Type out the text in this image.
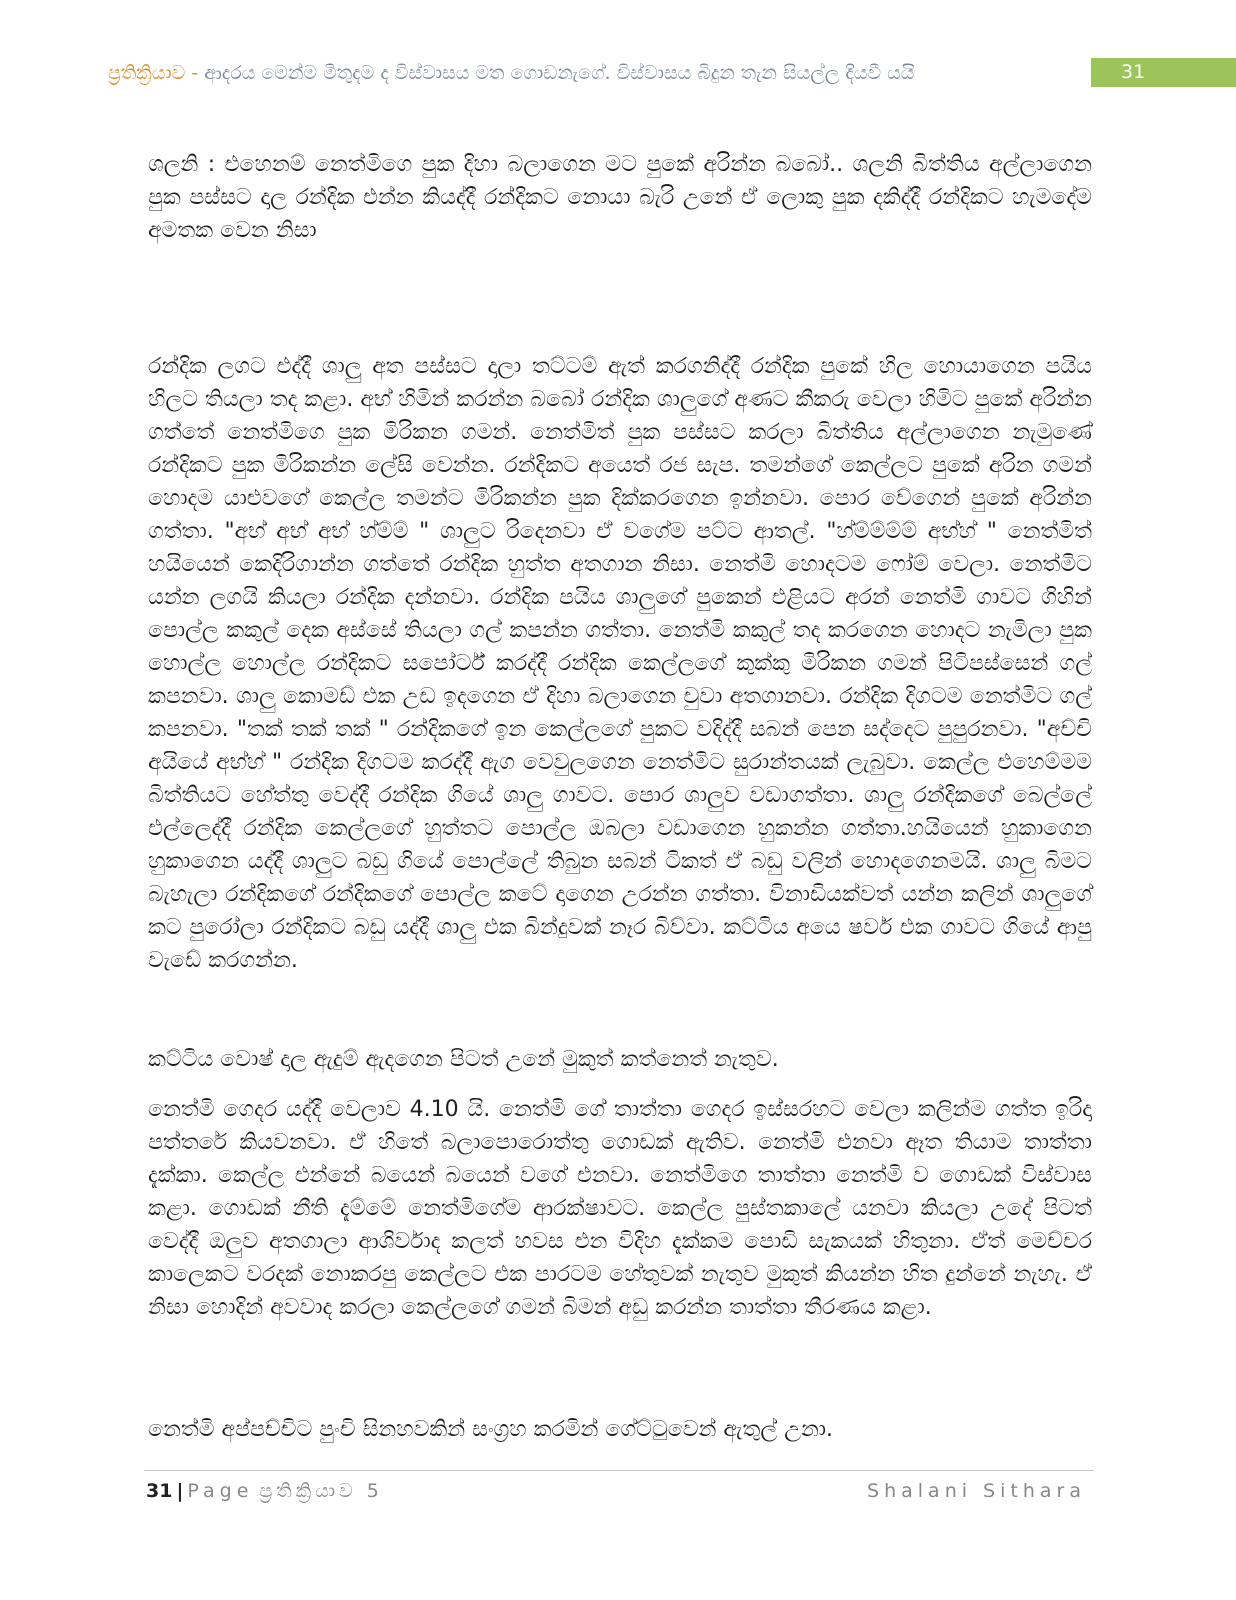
ප්‍රතික්‍රියාව - ආදරය මෙන්ම මිතුදම ද විස්වාසය මත ගොඩනැගේ. විස්වාසය බිදුන තැන සියල්ල දියවී යයි	31

ශලනි : එහෙනම් නෙත්මිගෙ පුක දිහා බලාගෙන මට පුකේ අරින්න බබෝ.. ශලනි බිත්තිය අල්ලාගෙන පුක පස්සට දාල රන්දික එන්න කියද්දී රන්දිකට නොයා බැරි උනේ ඒ ලොකු පුක දකිද්දී රන්දිකට හැමදේම අමතක වෙන නිසා

රන්දික ලගට එද්දී ශාලු අත පස්සට දාලා තට්ටම් ඇත් කරගනිද්දී රන්දික පුකේ හිල හොයාගෙන පයිය හිලට තියලා තද කළා. අභ් හිමින් කරන්න බබෝ රන්දික ශාලුගේ අණට කීකරු වෙලා හිමිට පුකේ අරින්න ගත්තේ නෙත්මිගෙ පුක මිරිකන ගමන්. නෙත්මිත් පුක පස්සට කරලා බිත්තිය අල්ලාගෙන නැමුණේ රන්දිකට පුක මිරිකන්න ලේසි වෙන්න. රන්දිකට අයෙත් රජ සැප. තමන්ගේ කෙල්ලට පුකේ අරින ගමන් හොදම යාළුවගේ කෙල්ල තමන්ට මිරිකන්න පුක දික්කරගෙන ඉන්නවා. පොර වේගෙන් පුකේ අරින්න ගත්තා. "අභ් අභ් අභ් හ්ම්ම් " ශාලුට රිදෙනවා ඒ වගේම පට්ට ආතල්. "හ්ම්ම්ම්ම් අභ්හ් " නෙත්මිත් හයියෙන් කෙදිරිගාන්න ගත්තේ රන්දික හුත්ත අතගාන නිසා. නෙත්මි හොදටම ෆෝම් වෙලා. නෙත්මිට යන්න ලගයි කියලා රන්දික දන්නවා. රන්දික පයිය ශාලුගේ පුකෙන් එළියට අරන් නෙත්මි ගාවට ගිහින් පොල්ල කකුල් දෙක අස්සේ තියලා ගල් කපන්න ගත්තා. නෙත්මි කකුල් තද කරගෙන හොදට නැමිලා පුක හොල්ල හොල්ල රන්දිකට සපෝර්ට් කරද්දී රන්දික කෙල්ලගේ කුක්කු මිරිකන ගමන් පිටිපස්සෙන් ගල් කපනවා. ශාලු කොමඩ් එක උඩ ඉදගෙන ඒ දිහා බලාගෙන චුවා අතගානවා. රන්දික දිගටම නෙත්මිට ගල් කපනවා. "තක් තක් තක් " රන්දිකගේ ඉන කෙල්ලගේ පුකට වදිද්දී සබන් පෙන සද්දෙට පුපුරනවා. "අච්චි අයියේ අභ්හ් " රන්දික දිගටම කරද්දී ඇග වෙවුලගෙන නෙත්මිට සුරාන්තයක් ලැබුවා. කෙල්ල එහෙම්මම බිත්තියට හේත්තු වෙද්දී රන්දික ගියේ ශාලු ගාවට. පොර ශාලුව වඩාගත්තා. ශාලු රන්දිකගේ බෙල්ලේ එල්ලෙද්දී රන්දික කෙල්ලගේ හුත්තට පොල්ල ඔබලා වඩාගෙන හුකන්න ගත්තා.හයියෙන් හුකාගෙන හුකාගෙන යද්දී ශාලුට බඩු ගියේ පොල්ලේ තිබුන සබන් ටිකත් ඒ බඩු වලින් හොදගෙනමයි. ශාලු බිමට බැහැලා රන්දිකගේ රන්දිකගේ පොල්ල කටේ දාගෙන උරන්න ගත්තා. විනාඩියක්වත් යන්න කලින් ශාලුගේ කට පුරෝලා රන්දිකට බඩු යද්දී ශාලු එක බින්දුවක් නෑර බිව්වා. කට්ටිය අයෙ ෂවර් එක ගාවට ගියේ ආපු වැඩේ කරගන්න.

කට්ටිය වොෂ් දාල ඇදුම් ඇදගෙන පිටත් උනේ මුකුත් කත්නෙත් නැතුව.

නෙත්මි ගෙදර යද්දී වෙලාව 4.10 යි. නෙත්මි ගේ තාත්තා ගෙදර ඉස්සරහට වෙලා කලින්ම ගත්ත ඉරිදා පත්තරේ කියවනවා. ඒ හිතේ බලාපොරොත්තු ගොඩක් ඇතිව. නෙත්මි එනවා ඈත තියාම තාත්තා දැක්කා. කෙල්ල එන්නේ බයෙන් බයෙන් වගේ එනවා. නෙත්මිගෙ තාත්තා නෙත්මි ව ගොඩක් විස්වාස කළා. ගොඩක් නීති දැම්මේ නෙත්මිගේම ආරක්ෂාවට. කෙල්ල පුස්තකාලේ යනවා කියලා උදේ පිටත් වෙද්දී ඔලුව අතගාලා ආශිර්වාද කලත් හවස එන විදිහ දැක්කම පොඩි සැකයක් හිතුනා. ඒත් මෙච්චර කාලෙකට වරදක් නොකරපු කෙල්ලට එක පාරටම හේතුවක් නැතුව මුකුත් කියන්න හිත දුන්නේ නැහැ. ඒ නිසා හොදින් අවවාද කරලා කෙල්ලගේ ගමන් බිමන් අඩු කරන්න තාත්තා තීරණය කළා.

නෙත්මි අප්පච්චිට පුංචි සිනහවකින් සංග්‍රහ කරමින් ගේට්ටුවෙන් ඇතුල් උනා.

31 | Page ප්‍රතික්‍රියාව 5	Shalani Sithara
